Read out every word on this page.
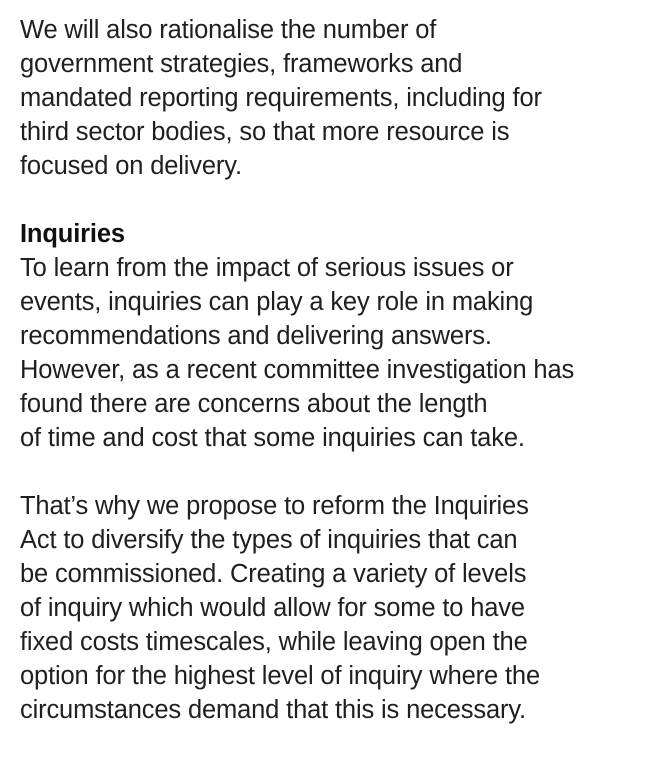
We will also rationalise the number of
government strategies, frameworks and
mandated reporting requirements, including for
third sector bodies, so that more resource is
focused on delivery.
Inquiries
To learn from the impact of serious issues or
events, inquiries can play a key role in making
recommendations and delivering answers.
However, as a recent committee investigation has
found there are concerns about the length
of time and cost that some inquiries can take.
That’s why we propose to reform the Inquiries
Act to diversify the types of inquiries that can
be commissioned. Creating a variety of levels
of inquiry which would allow for some to have
fixed costs timescales, while leaving open the
option for the highest level of inquiry where the
circumstances demand that this is necessary.
